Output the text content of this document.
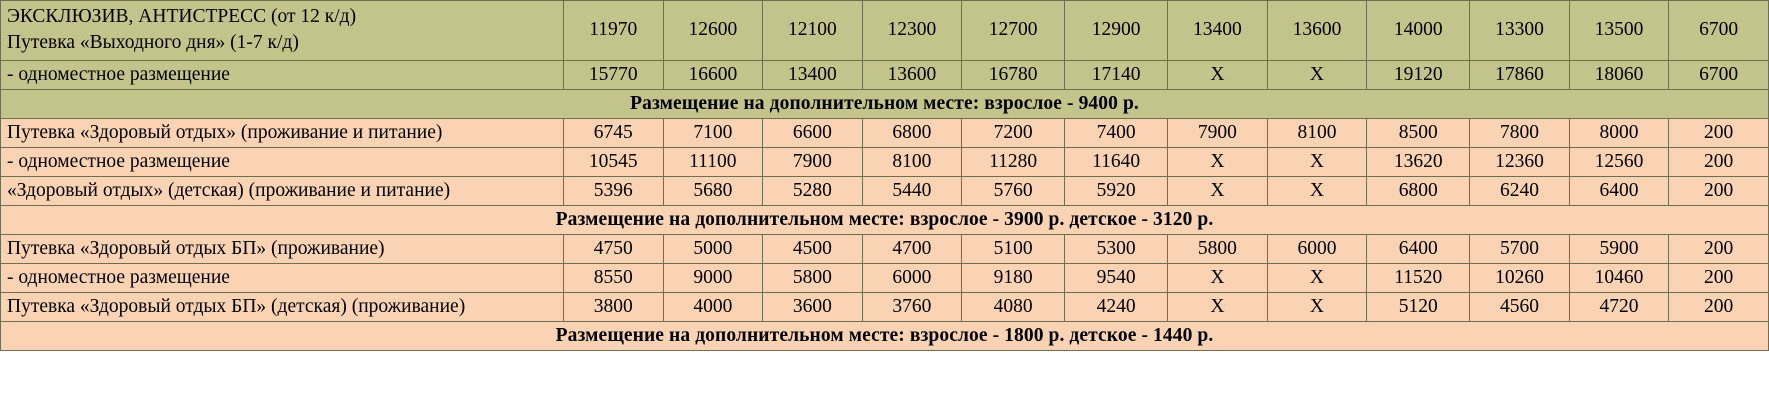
ЭКСКЛЮЗИВ, АНТИСТРЕСС (от 12 к/д)
Путевка «Выходного дня» (1-7 к/д)	11970	12600	12100	12300	12700	12900	13400	13600	14000	13300	13500	6700

- одноместное размещение	15770	16600	13400	13600	16780	17140	X	X	19120	17860	18060	6700
Размещение на дополнительном месте: взрослое - 9400 р.												

Путевка «Здоровый отдых» (проживание и питание)	6745	7100	6600	6800	7200	7400	7900	8100	8500	7800	8000	200

- одноместное размещение	10545	11100	7900	8100	11280	11640	X	X	13620	12360	12560	200

«Здоровый отдых» (детская) (проживание и питание)	5396	5680	5280	5440	5760	5920	X	X	6800	6240	6400	200
Размещение на дополнительном месте: взрослое - 3900 р. детское - 3120 р.												

Путевка «Здоровый отдых БП» (проживание)	4750	5000	4500	4700	5100	5300	5800	6000	6400	5700	5900	200

- одноместное размещение	8550	9000	5800	6000	9180	9540	X	X	11520	10260	10460	200

Путевка «Здоровый отдых БП» (детская) (проживание)	3800	4000	3600	3760	4080	4240	X	X	5120	4560	4720	200
Размещение на дополнительном месте: взрослое - 1800 р. детское - 1440 р.												
